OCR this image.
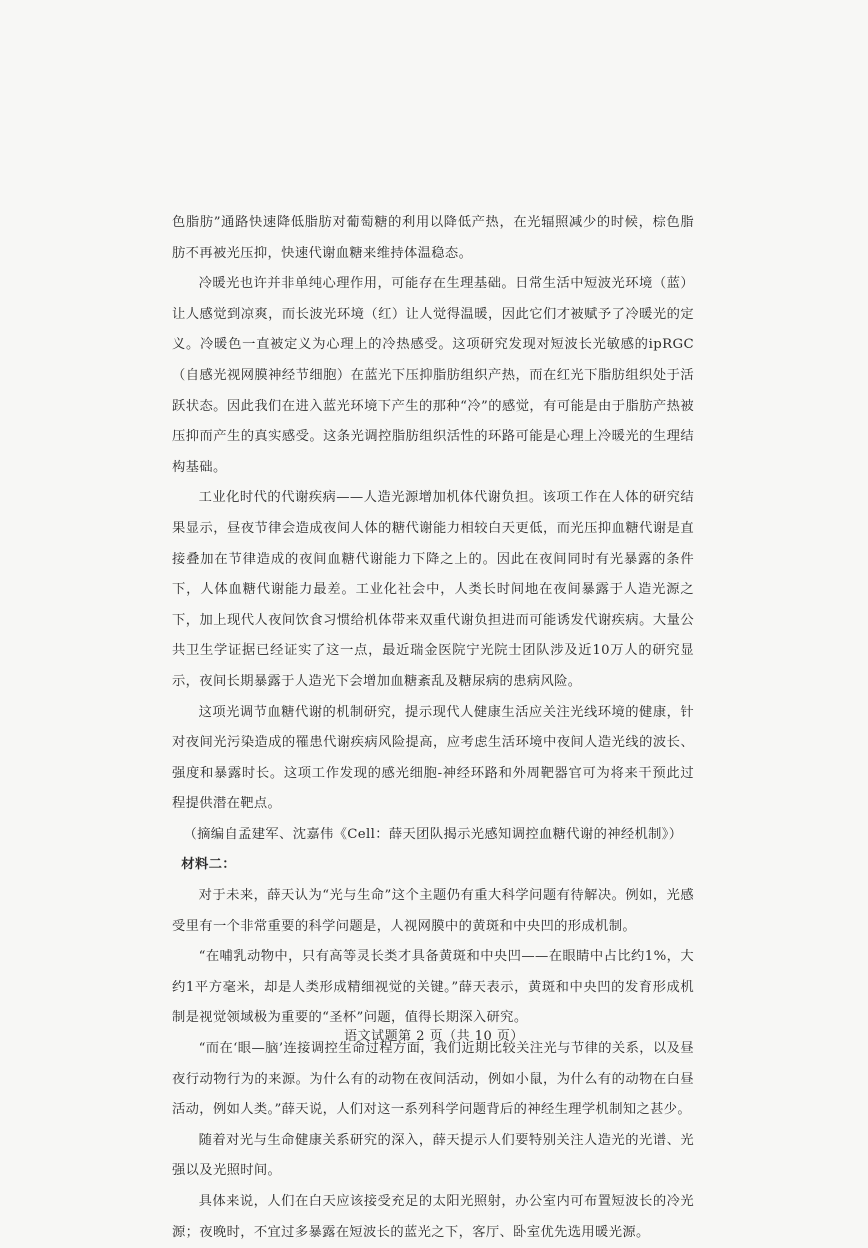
色脂肪”通路快速降低脂肪对葡萄糖的利用以降低产热，在光辐照减少的时候，棕色脂肪不再被光压抑，快速代谢血糖来维持体温稳态。

冷暖光也许并非单纯心理作用，可能存在生理基础。日常生活中短波光环境（蓝）让人感觉到凉爽，而长波光环境（红）让人觉得温暖，因此它们才被赋予了冷暖光的定义。冷暖色一直被定义为心理上的冷热感受。这项研究发现对短波长光敏感的ipRGC（自感光视网膜神经节细胞）在蓝光下压抑脂肪组织产热，而在红光下脂肪组织处于活跃状态。因此我们在进入蓝光环境下产生的那种“冷”的感觉，有可能是由于脂肪产热被压抑而产生的真实感受。这条光调控脂肪组织活性的环路可能是心理上冷暖光的生理结构基础。

工业化时代的代谢疾病——人造光源增加机体代谢负担。该项工作在人体的研究结果显示，昼夜节律会造成夜间人体的糖代谢能力相较白天更低，而光压抑血糖代谢是直接叠加在节律造成的夜间血糖代谢能力下降之上的。因此在夜间同时有光暴露的条件下，人体血糖代谢能力最差。工业化社会中，人类长时间地在夜间暴露于人造光源之下，加上现代人夜间饮食习惯给机体带来双重代谢负担进而可能诱发代谢疾病。大量公共卫生学证据已经证实了这一点，最近瑞金医院宁光院士团队涉及近10万人的研究显示，夜间长期暴露于人造光下会增加血糖紊乱及糖尿病的患病风险。

这项光调节血糖代谢的机制研究，提示现代人健康生活应关注光线环境的健康，针对夜间光污染造成的罹患代谢疾病风险提高，应考虑生活环境中夜间人造光线的波长、强度和暴露时长。这项工作发现的感光细胞-神经环路和外周靶器官可为将来干预此过程提供潜在靶点。

（摘编自孟建军、沈嘉伟《Cell：薛天团队揭示光感知调控血糖代谢的神经机制》）

材料二：

对于未来，薛天认为“光与生命”这个主题仍有重大科学问题有待解决。例如，光感受里有一个非常重要的科学问题是，人视网膜中的黄斑和中央凹的形成机制。

“在哺乳动物中，只有高等灵长类才具备黄斑和中央凹——在眼睛中占比约1%，大约1平方毫米，却是人类形成精细视觉的关键。”薛天表示，黄斑和中央凹的发育形成机制是视觉领域极为重要的“圣杯”问题，值得长期深入研究。

“而在‘眼—脑’连接调控生命过程方面，我们近期比较关注光与节律的关系，以及昼夜行动物行为的来源。为什么有的动物在夜间活动，例如小鼠，为什么有的动物在白昼活动，例如人类。”薛天说，人们对这一系列科学问题背后的神经生理学机制知之甚少。

随着对光与生命健康关系研究的深入，薛天提示人们要特别关注人造光的光谱、光强以及光照时间。

具体来说，人们在白天应该接受充足的太阳光照射，办公室内可布置短波长的冷光源；夜晚时，不宜过多暴露在短波长的蓝光之下，客厅、卧室优先选用暖光源。

语文试题第 2 页（共 10 页）
